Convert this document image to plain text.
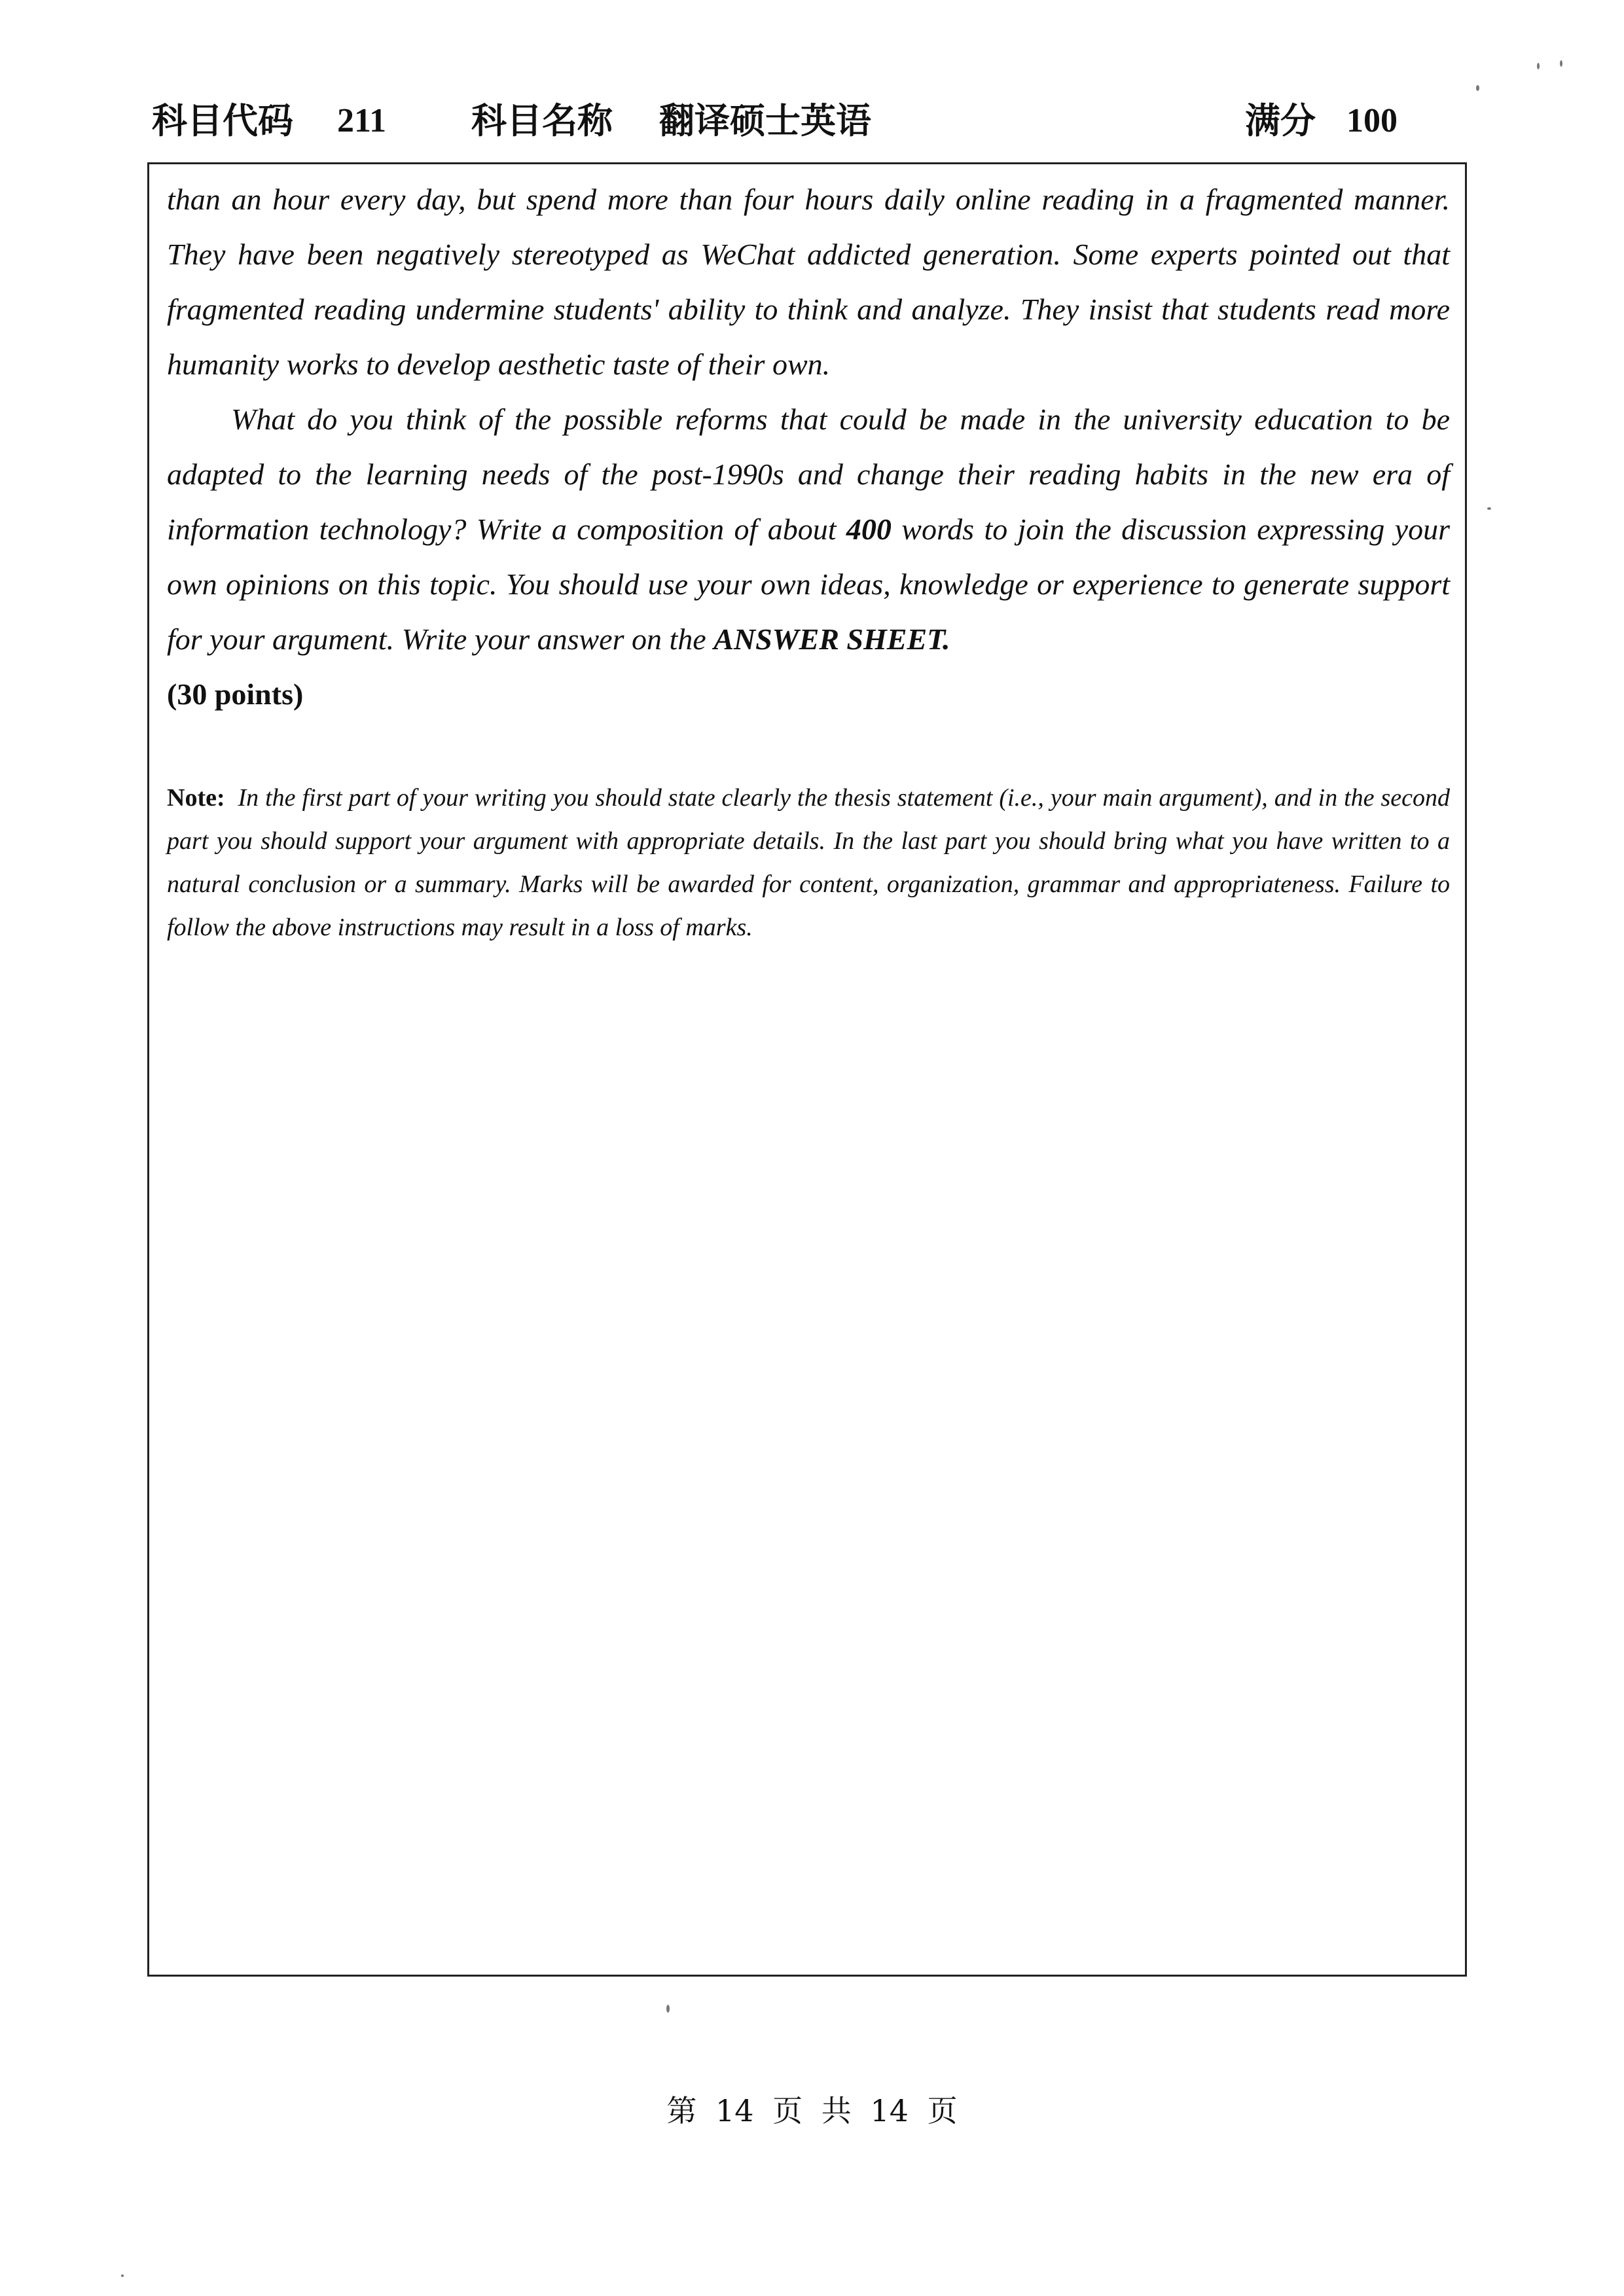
科目代码 211 科目名称 翻译硕士英语	满分 100

than an hour every day, but spend more than four hours daily online reading in a fragmented manner. They have been negatively stereotyped as WeChat addicted generation. Some experts pointed out that fragmented reading undermine students' ability to think and analyze. They insist that students read more humanity works to develop aesthetic taste of their own.

What do you think of the possible reforms that could be made in the university education to be adapted to the learning needs of the post-1990s and change their reading habits in the new era of information technology? Write a composition of about 400 words to join the discussion expressing your own opinions on this topic. You should use your own ideas, knowledge or experience to generate support for your argument. Write your answer on the ANSWER SHEET.

(30 points)

Note: In the first part of your writing you should state clearly the thesis statement (i.e., your main argument), and in the second part you should support your argument with appropriate details. In the last part you should bring what you have written to a natural conclusion or a summary. Marks will be awarded for content, organization, grammar and appropriateness. Failure to follow the above instructions may result in a loss of marks.

第 14 页 共 14 页
